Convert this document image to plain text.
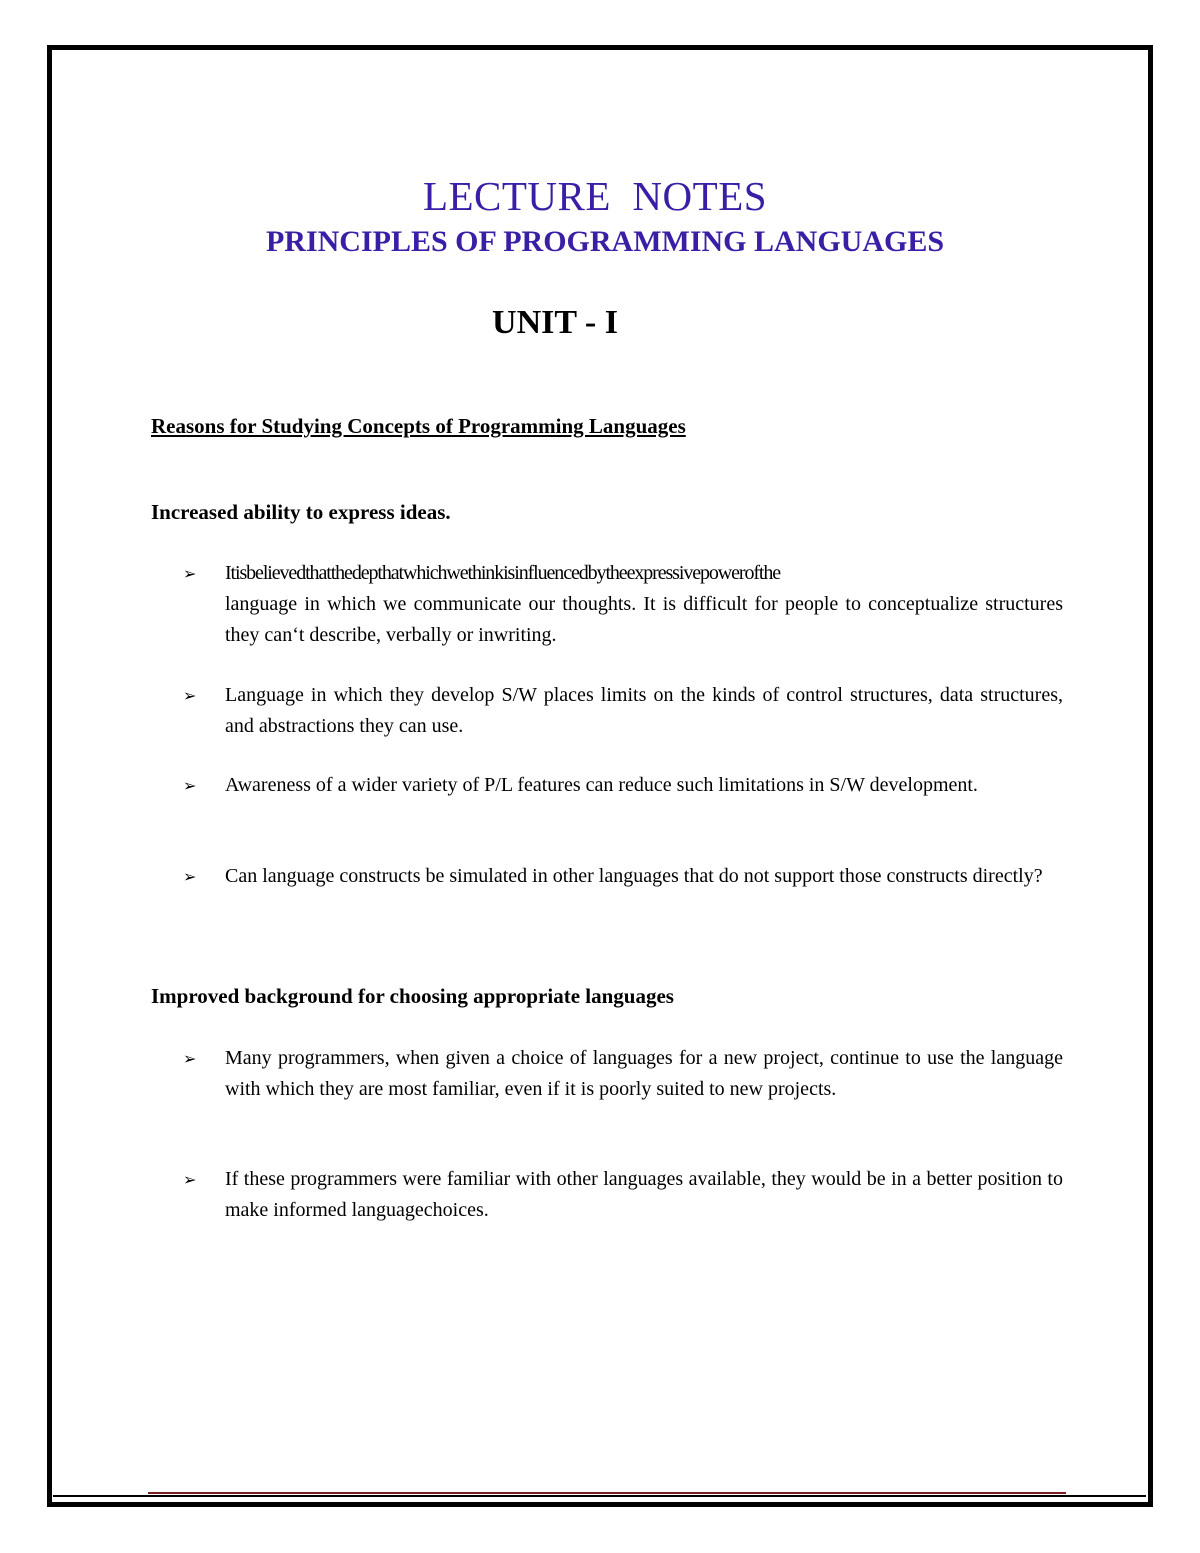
LECTURE  NOTES
PRINCIPLES OF PROGRAMMING LANGUAGES
UNIT - I
Reasons for Studying Concepts of Programming Languages
Increased ability to express ideas.
➢ Itisbelievedthatthedepthatwhichwethinkisinfluencedbytheexpressivepowerofthe
language in which we communicate our thoughts. It is difficult for people to conceptualize structures they can‘t describe, verbally or inwriting.
➢ Language in which they develop S/W places limits on the kinds of control structures, data structures, and abstractions they can use.
➢ Awareness of a wider variety of P/L features can reduce such limitations in S/W development.
➢ Can language constructs be simulated in other languages that do not support those constructs directly?
Improved background for choosing appropriate languages
➢ Many programmers, when given a choice of languages for a new project, continue to use the language with which they are most familiar, even if it is poorly suited to new projects.
➢ If these programmers were familiar with other languages available, they would be in a better position to make informed languagechoices.
